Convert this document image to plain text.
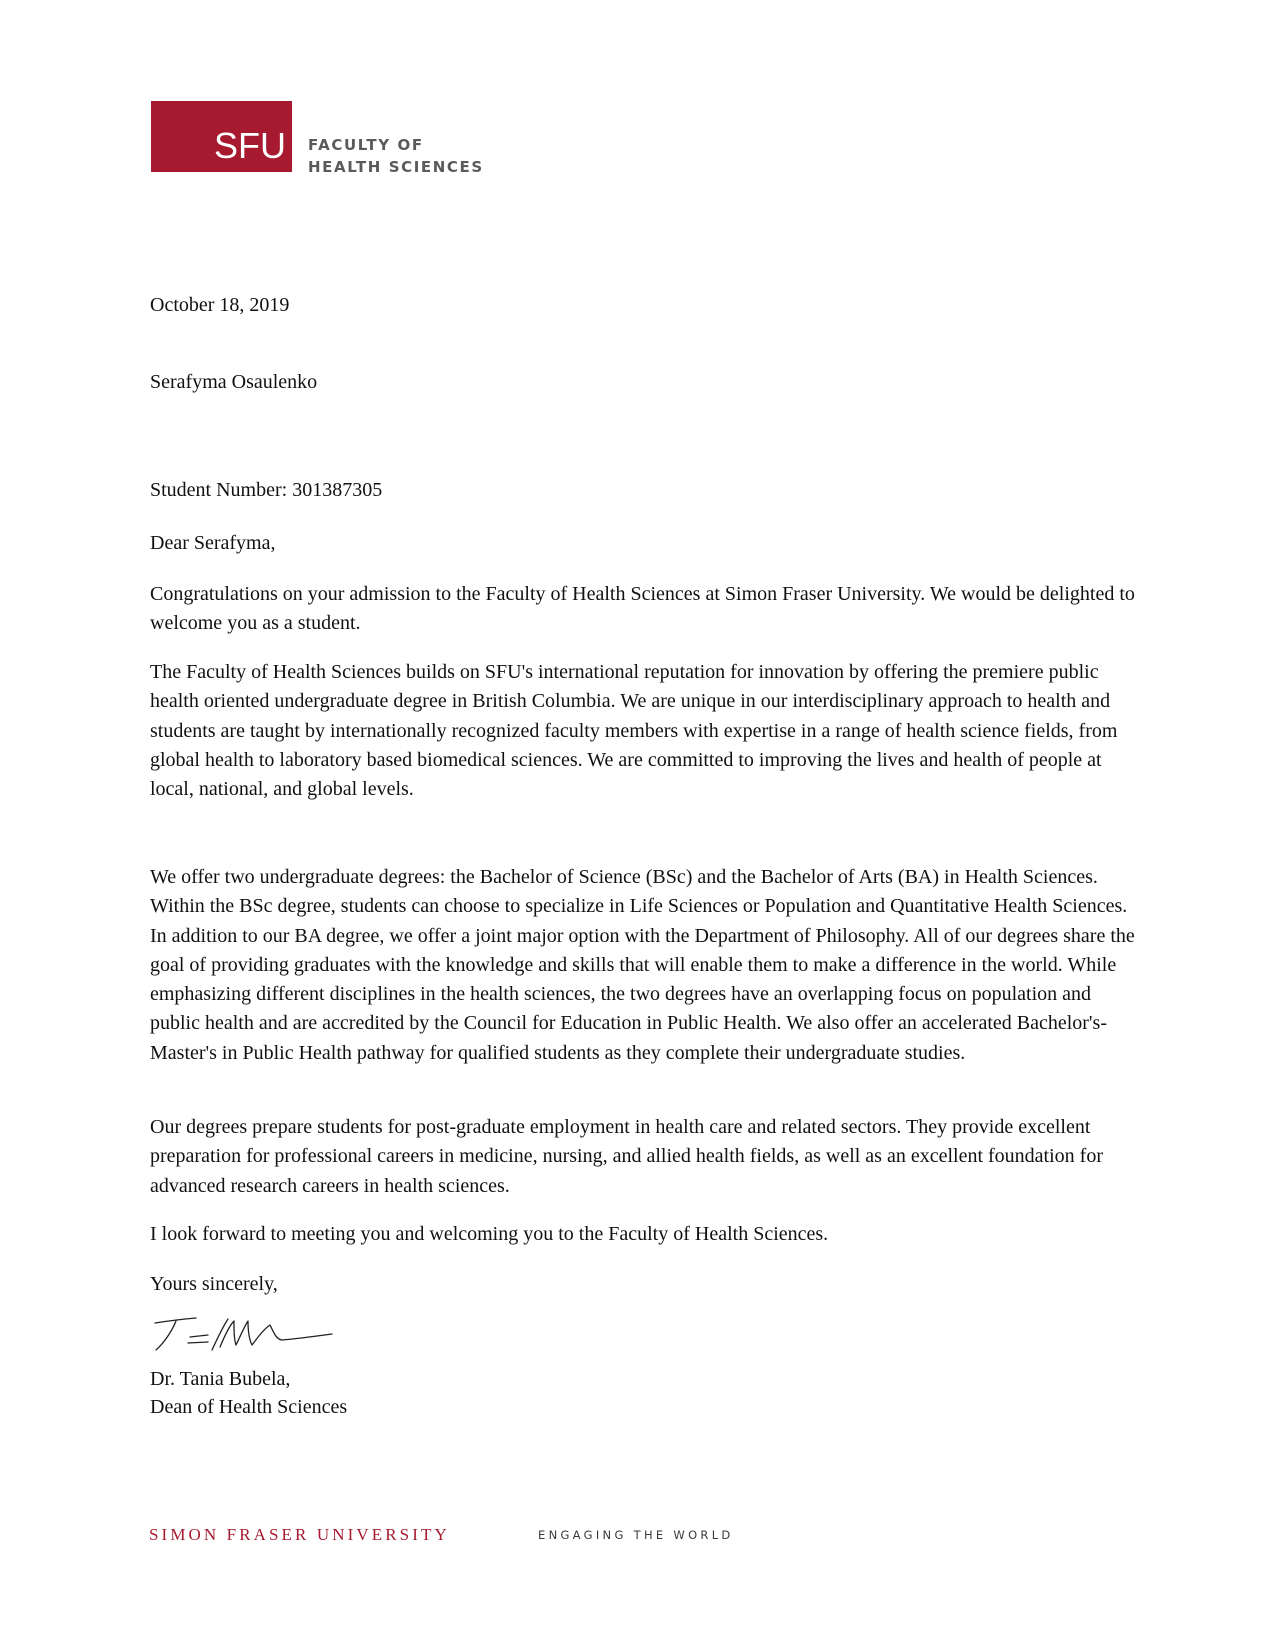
SFU FACULTY OF
HEALTH SCIENCES
October 18, 2019
Serafyma Osaulenko
Student Number: 301387305
Dear Serafyma,

Congratulations on your admission to the Faculty of Health Sciences at Simon Fraser University. We would be delighted to welcome you as a student.

The Faculty of Health Sciences builds on SFU's international reputation for innovation by offering the premiere public health oriented undergraduate degree in British Columbia. We are unique in our interdisciplinary approach to health and students are taught by internationally recognized faculty members with expertise in a range of health science fields, from global health to laboratory based biomedical sciences. We are committed to improving the lives and health of people at local, national, and global levels.

We offer two undergraduate degrees: the Bachelor of Science (BSc) and the Bachelor of Arts (BA) in Health Sciences. Within the BSc degree, students can choose to specialize in Life Sciences or Population and Quantitative Health Sciences. In addition to our BA degree, we offer a joint major option with the Department of Philosophy. All of our degrees share the goal of providing graduates with the knowledge and skills that will enable them to make a difference in the world. While emphasizing different disciplines in the health sciences, the two degrees have an overlapping focus on population and public health and are accredited by the Council for Education in Public Health. We also offer an accelerated Bachelor's-Master's in Public Health pathway for qualified students as they complete their undergraduate studies.

Our degrees prepare students for post-graduate employment in health care and related sectors. They provide excellent preparation for professional careers in medicine, nursing, and allied health fields, as well as an excellent foundation for advanced research careers in health sciences.

I look forward to meeting you and welcoming you to the Faculty of Health Sciences.

Yours sincerely,
Dr. Tania Bubela,
Dean of Health Sciences
SIMON FRASER UNIVERSITY	ENGAGING THE WORLD
